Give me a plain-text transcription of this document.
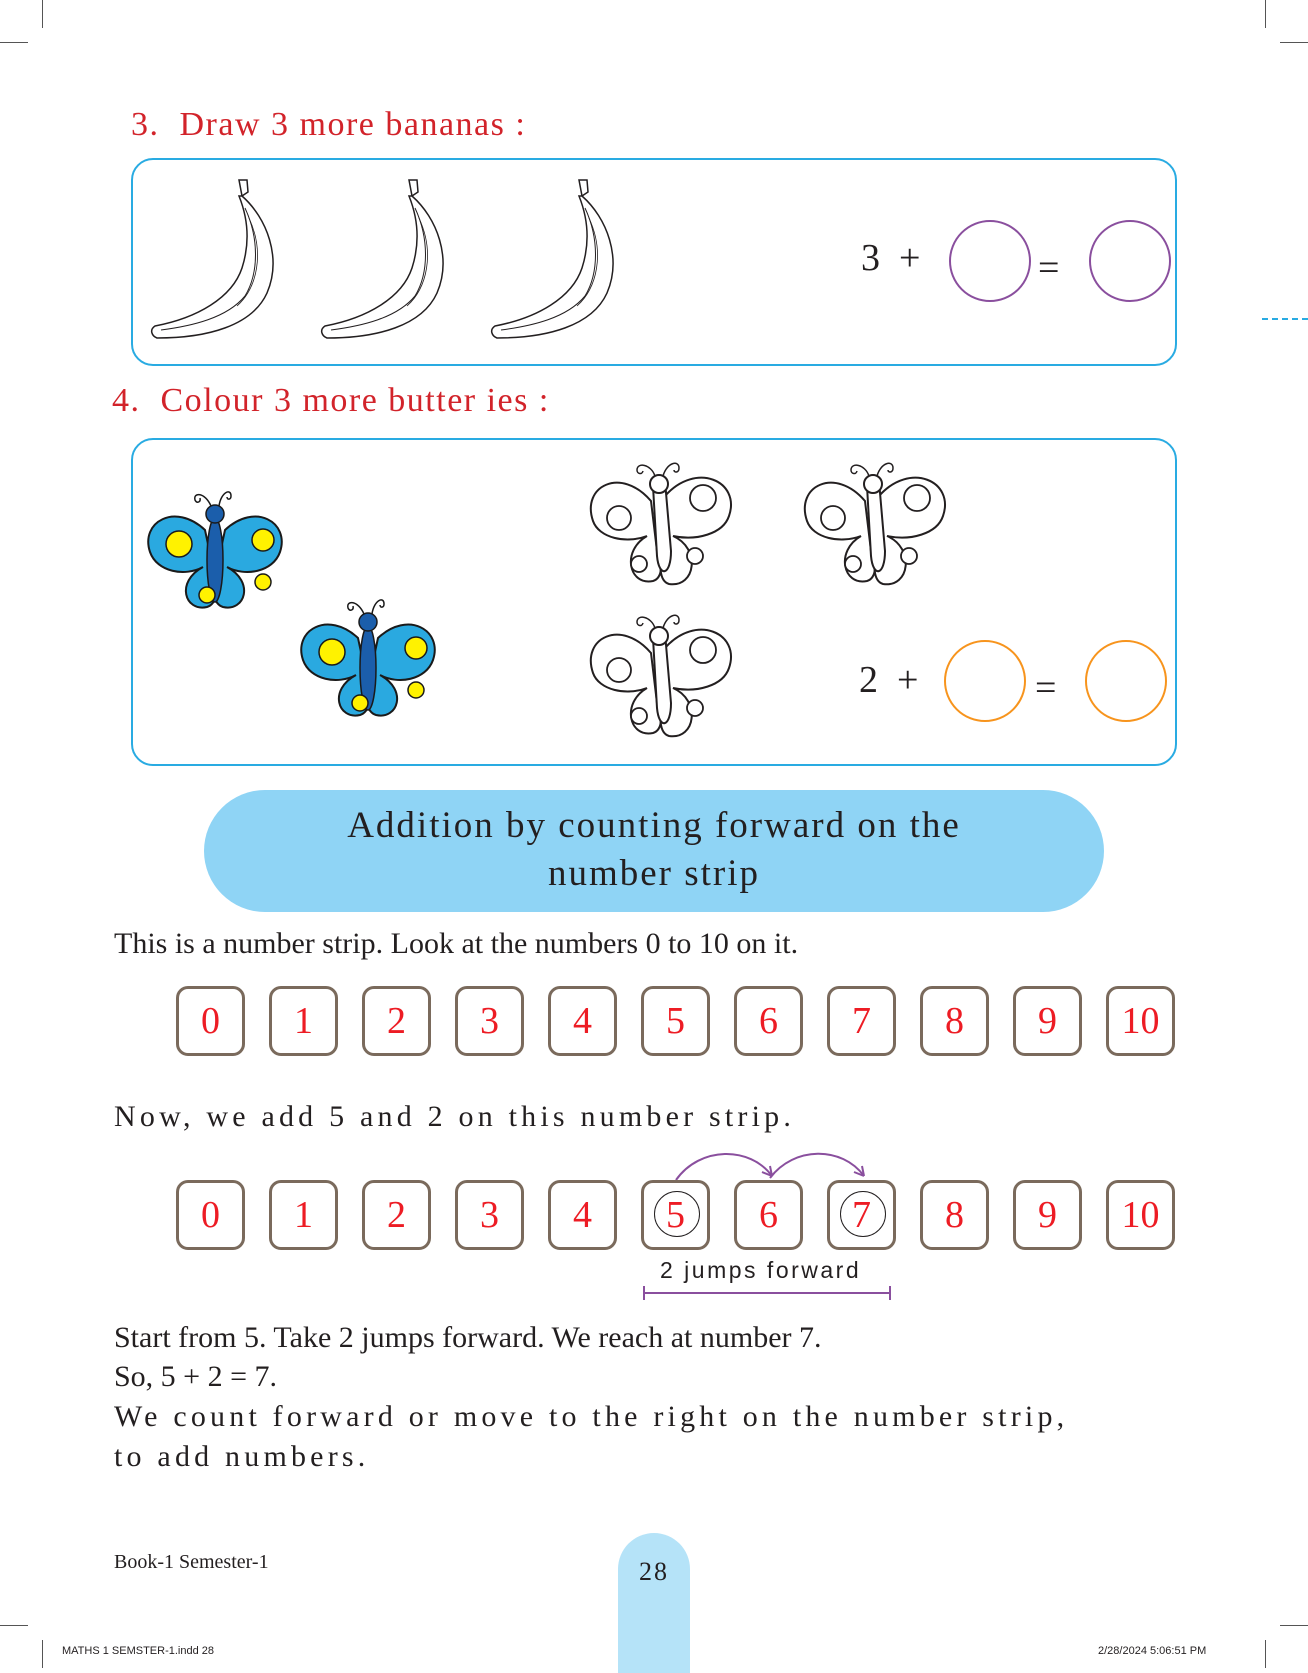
3. Draw 3 more bananas :
3 +	=
4. Colour 3 more butter ies :
2 +	=
Addition by counting forward on the
number strip
This is a number strip. Look at the numbers 0 to 10 on it.
0	1	2	3	4	5	6	7	8	9	10
Now, we add 5 and 2 on this number strip.
0	1	2	3	4	5	6	7	8	9	10
2 jumps forward
Start from 5. Take 2 jumps forward. We reach at number 7.
So, 5 + 2 = 7.
We count forward or move to the right on the number strip,
to add numbers.
Book-1 Semester-1	28
MATHS 1 SEMSTER-1.indd 28	2/28/2024 5:06:51 PM
